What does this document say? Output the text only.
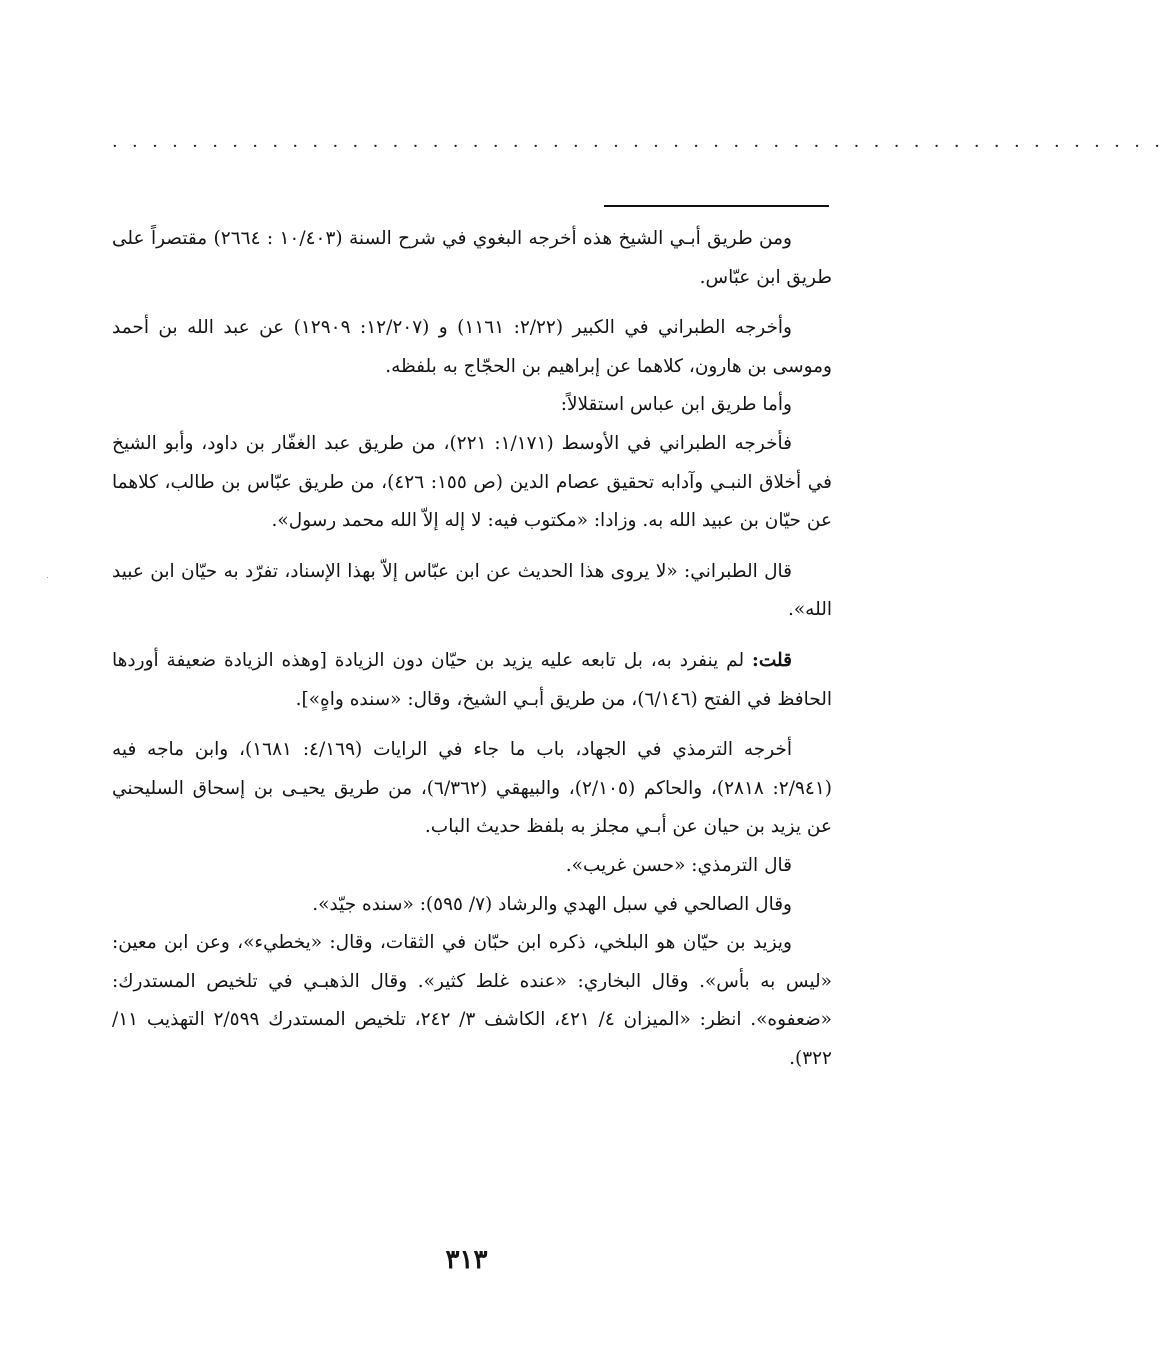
· · · · · · · · · · · · · · · · · · · · · · · · · · · · · · · · · · · · · · · · · · · · · · · · · · · · ·

ومن طريق أبـي الشيخ هذه أخرجه البغوي في شرح السنة (١٠/٤٠٣ : ٢٦٦٤) مقتصراً على طريق ابن عبّاس.

وأخرجه الطبراني في الكبير (٢/٢٢: ١١٦١) و (١٢/٢٠٧: ١٢٩٠٩) عن عبد الله بن أحمد وموسى بن هارون، كلاهما عن إبراهيم بن الحجّاج به بلفظه.

وأما طريق ابن عباس استقلالاً:

فأخرجه الطبراني في الأوسط (١/١٧١: ٢٢١)، من طريق عبد الغفّار بن داود، وأبو الشيخ في أخلاق النبـي وآدابه تحقيق عصام الدين (ص ١٥٥: ٤٢٦)، من طريق عبّاس بن طالب، كلاهما عن حيّان بن عبيد الله به. وزادا: «مكتوب فيه: لا إله إلاّ الله محمد رسول».

قال الطبراني: «لا يروى هذا الحديث عن ابن عبّاس إلاّ بهذا الإسناد، تفرّد به حيّان ابن عبيد الله».

قلت: لم ينفرد به، بل تابعه عليه يزيد بن حيّان دون الزيادة [وهذه الزيادة ضعيفة أوردها الحافظ في الفتح (٦/١٤٦)، من طريق أبـي الشيخ، وقال: «سنده واهٍ»].

أخرجه الترمذي في الجهاد، باب ما جاء في الرايات (٤/١٦٩: ١٦٨١)، وابن ماجه فيه (٢/٩٤١: ٢٨١٨)، والحاكم (٢/١٠٥)، والبيهقي (٦/٣٦٢)، من طريق يحيـى بن إسحاق السليحني عن يزيد بن حيان عن أبـي مجلز به بلفظ حديث الباب.

قال الترمذي: «حسن غريب».

وقال الصالحي في سبل الهدي والرشاد (٧/ ٥٩٥): «سنده جيّد».

ويزيد بن حيّان هو البلخي، ذكره ابن حبّان في الثقات، وقال: «يخطيء»، وعن ابن معين: «ليس به بأس». وقال البخاري: «عنده غلط كثير». وقال الذهبـي في تلخيص المستدرك: «ضعفوه». انظر: «الميزان ٤/ ٤٢١، الكاشف ٣/ ٢٤٢، تلخيص المستدرك ٢/٥٩٩ التهذيب ١١/ ٣٢٢).

٣١٣
